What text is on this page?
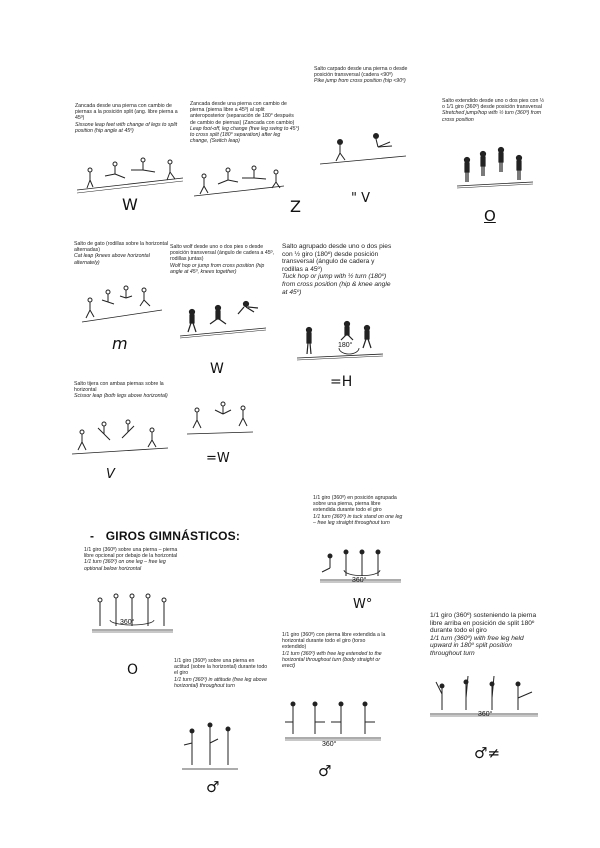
Zancada desde una pierna con cambio de piernas a la posición split (ang. libre pierna a 45º)
Sissone leap feet with change of legs to split position (hip angle at 45º)
W
Zancada desde una pierna con cambio de pierna (pierna libre a 45º) al split anteroposterior (separación de 180° después de cambio de piernas) (Zancada con cambio)
Leap foot-off, leg change (free leg swing to 45°) to cross split (180° separation) after leg change, (Switch leap)
Z
Salto carpado desde una pierna o desde posición transversal (cadera <90º)
Pike jump from cross position (hip <90º)
" V
Salto extendido desde uno o dos pies con ½ o 1/1 giro (360º) desde posición transversal
Stretched jump/hop with ½ turn (360º) from cross position
O
Salto de gato (rodillas sobre la horizontal alternadas)
Cat leap (knees above horizontal alternately)
m
Salto wolf desde uno o dos pies o desde posición transversal (ángulo de cadera a 45º, rodillas juntas)
Wolf hop or jump from cross position (hip angle at 45º, knees together)
W
Salto agrupado desde uno o dos pies con ½ giro (180º) desde posición transversal (ángulo de cadera y rodillas a 45º)
Tuck hop or jump with ½ turn (180º) from cross position (hip & knee angle at 45º)
180°
=H
Salto tijera con ambas piernas sobre la horizontal
Scissor leap (both legs above horizontal)
V
=W
- GIROS GIMNÁSTICOS:
1/1 giro (360º) en posición agrupada sobre una pierna, pierna libre extendida durante todo el giro
1/1 turn (360º) in tuck stand on one leg – free leg straight throughout turn
360°
W°
1/1 giro (360º) sobre una pierna – pierna libre opcional por debajo de la horizontal
1/1 turn (360º) on one leg – free leg optional below horizontal
360°
O
1/1 giro (360º) sobre una pierna en actitud (sobre la horizontal) durante todo el giro
1/1 turn (360º) in attitude (free leg above horizontal) throughout turn
♂
1/1 giro (360º) con pierna libre extendida a la horizontal durante todo el giro (torso extendido)
1/1 turn (360º) with free leg extended to the horizontal throughout turn (body straight or erect)
360°
♂
1/1 giro (360º) sosteniendo la pierna libre arriba en posición de split 180º durante todo el giro
1/1 turn (360º) with free leg held upward in 180º split position throughout turn
360°
♂≠
